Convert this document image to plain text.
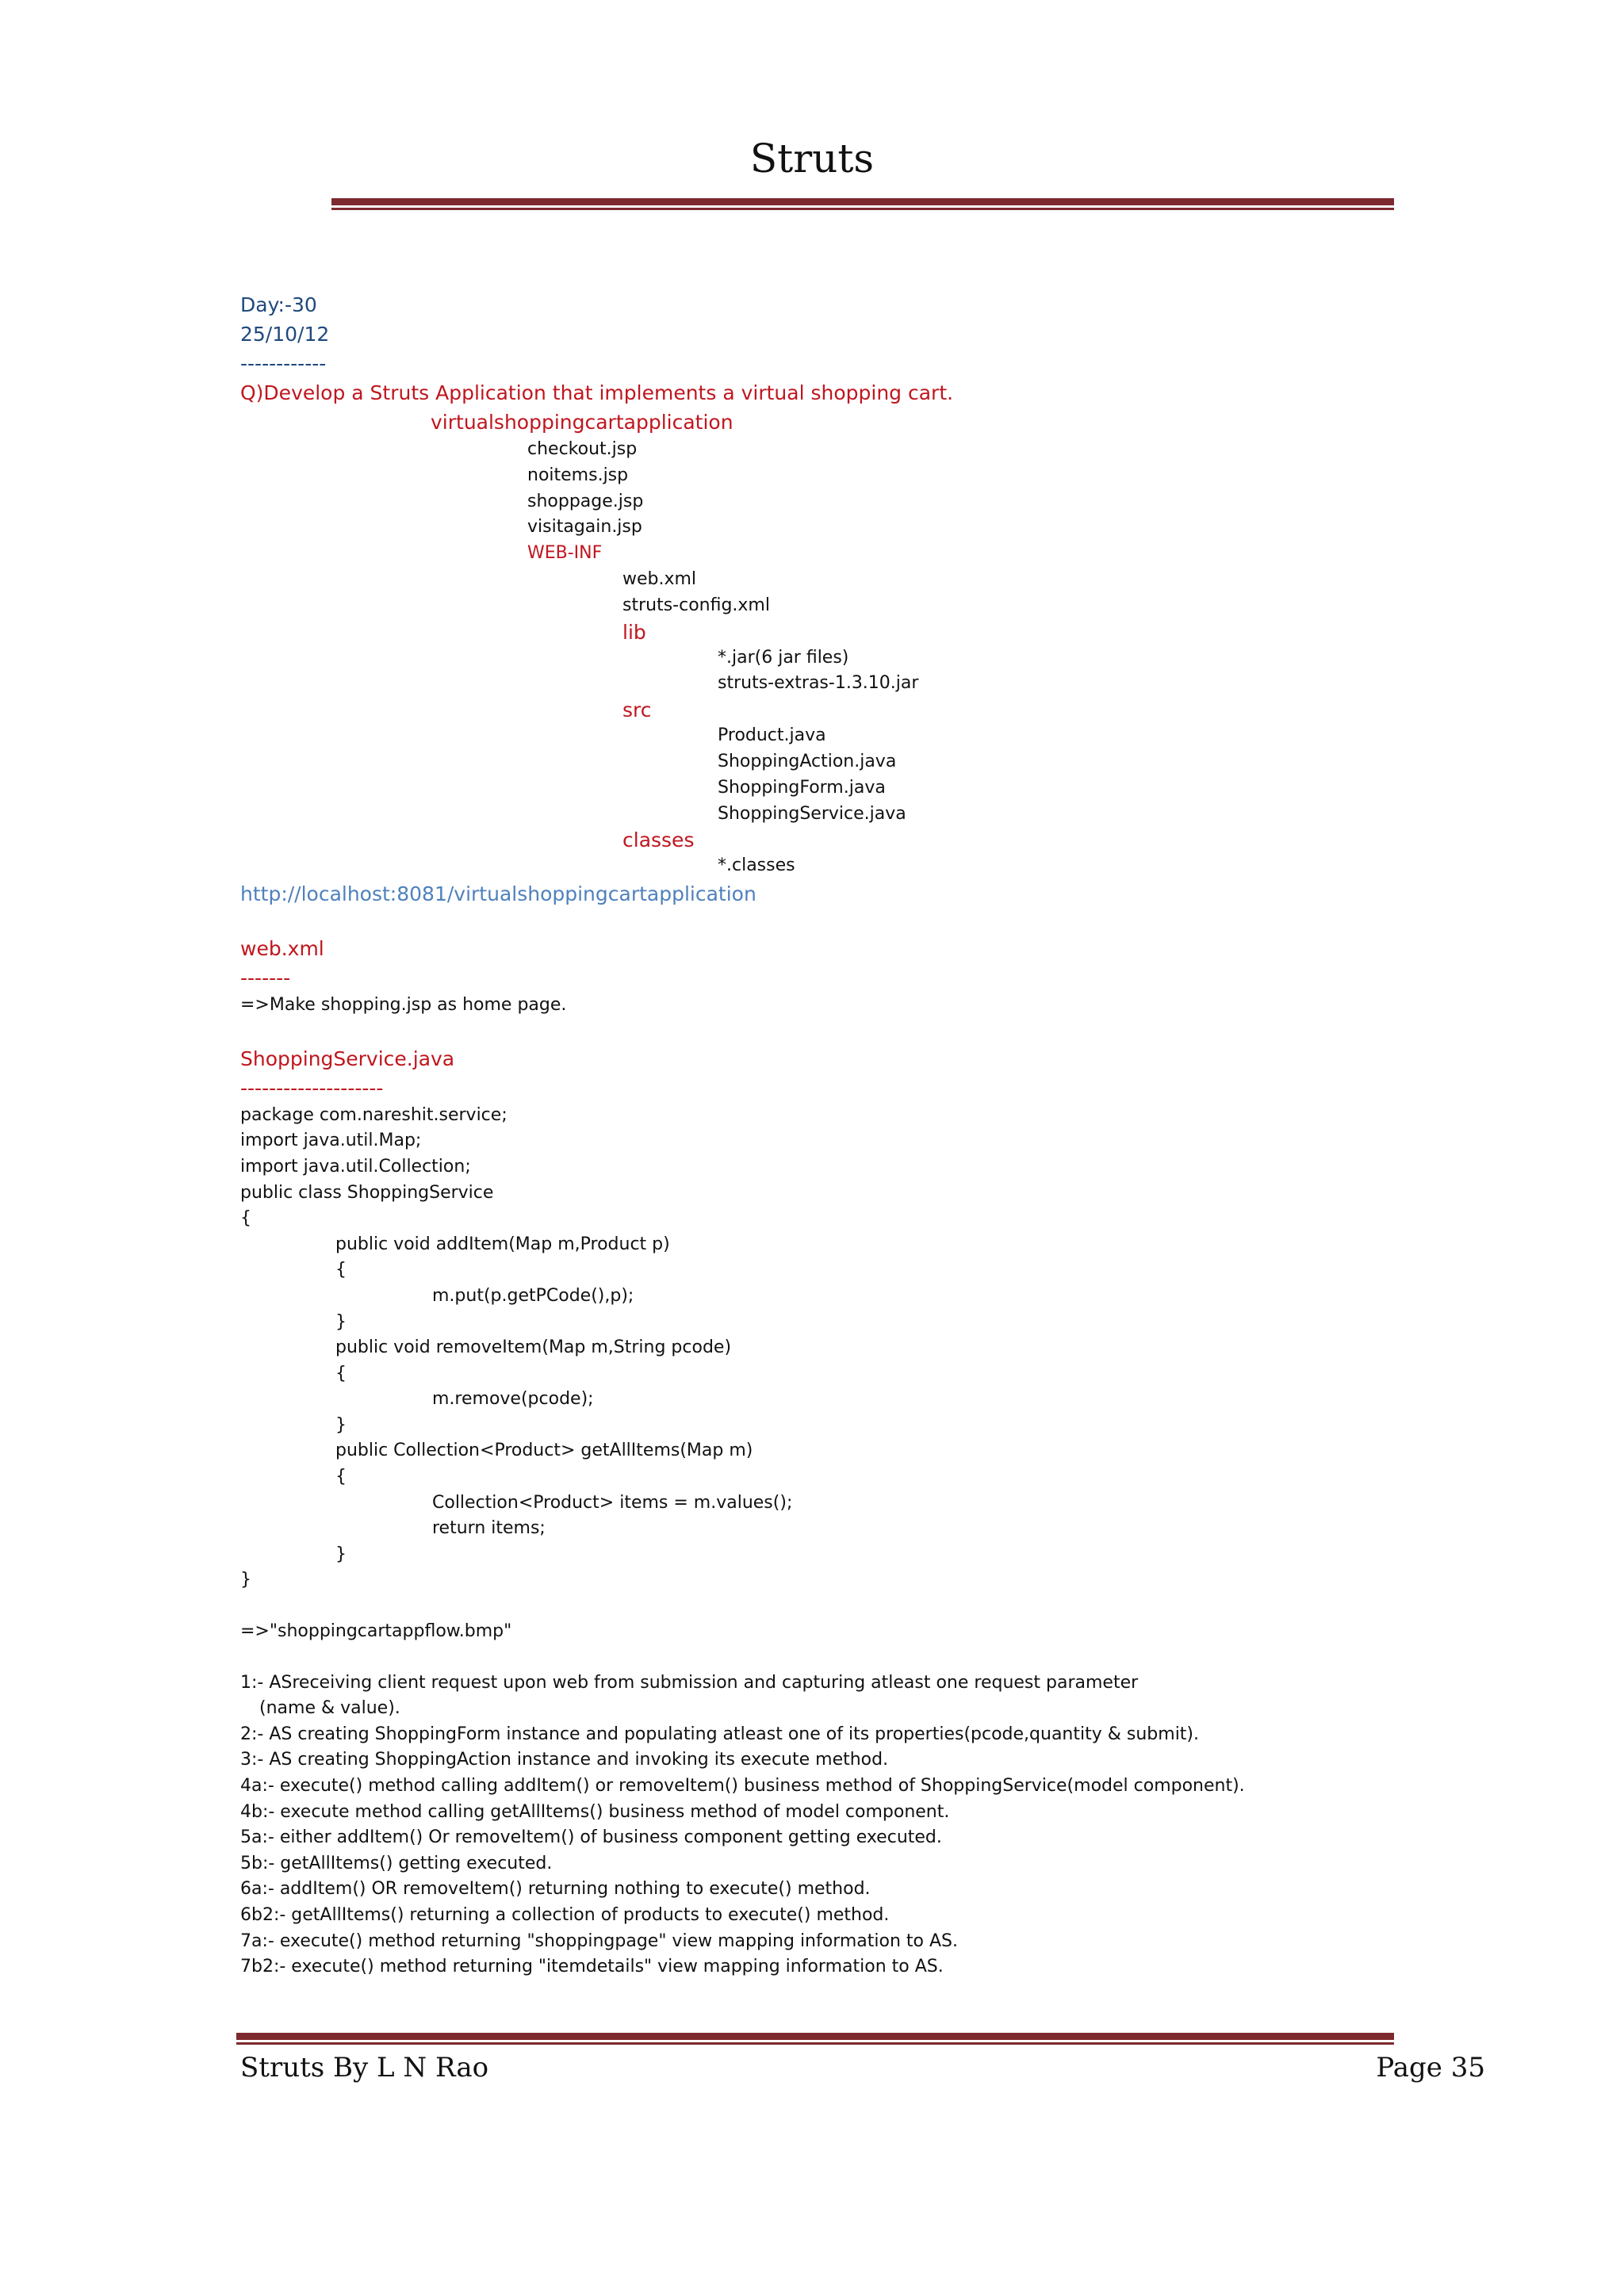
Struts
Day:-30
25/10/12
------------
Q)Develop a Struts Application that implements a virtual shopping cart.
virtualshoppingcartapplication
checkout.jsp
noitems.jsp
shoppage.jsp
visitagain.jsp
WEB-INF
web.xml
struts-config.xml
lib
*.jar(6 jar files)
struts-extras-1.3.10.jar
src
Product.java
ShoppingAction.java
ShoppingForm.java
ShoppingService.java
classes
*.classes
http://localhost:8081/virtualshoppingcartapplication
web.xml
-------
=>Make shopping.jsp as home page.
ShoppingService.java
--------------------
package com.nareshit.service;
import java.util.Map;
import java.util.Collection;
public class ShoppingService
{
public void addItem(Map m,Product p)
{
m.put(p.getPCode(),p);
}
public void removeItem(Map m,String pcode)
{
m.remove(pcode);
}
public Collection<Product> getAllItems(Map m)
{
Collection<Product> items = m.values();
return items;
}
}
=>"shoppingcartappflow.bmp"
1:- ASreceiving client request upon web from submission and capturing atleast one request parameter
(name & value).
2:- AS creating ShoppingForm instance and populating atleast one of its properties(pcode,quantity & submit).
3:- AS creating ShoppingAction instance and invoking its execute method.
4a:- execute() method calling addItem() or removeItem() business method of ShoppingService(model component).
4b:- execute method calling getAllItems() business method of model component.
5a:- either addItem() Or removeItem() of business component getting executed.
5b:- getAllItems() getting executed.
6a:- addItem() OR removeItem() returning nothing to execute() method.
6b2:- getAllItems() returning a collection of products to execute() method.
7a:- execute() method returning "shoppingpage" view mapping information to AS.
7b2:- execute() method returning "itemdetails" view mapping information to AS.
Struts By L N Rao	Page 35
